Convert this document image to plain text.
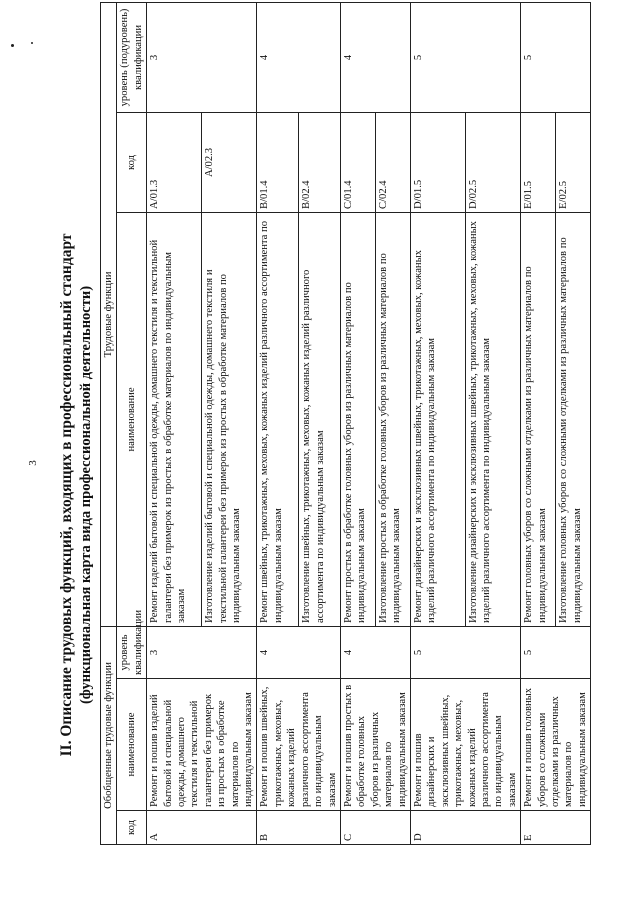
3 II. Описание трудовых функций, входящих в профессиональный стандарт (функциональная карта вида профессиональной деятельности)
Обобщенные трудовые функции			Трудовые функции		
код	наименование	уровень квалификации	наименование	код	уровень (подуровень) квалификации
A	Ремонт и пошив изделий бытовой и специальной одежды, домашнего текстиля и текстильной галантереи без примерок из простых в обработке материалов по индивидуальным заказам	3	Ремонт изделий бытовой и специальной одежды, домашнего текстиля и текстильной галантереи без примерок из простых в обработке материалов по индивидуальным заказам	A/01.3	3
			Изготовление изделий бытовой и специальной одежды, домашнего текстиля и текстильной галантереи без примерок из простых в обработке материалов по индивидуальным заказам	A/02.3	
B	Ремонт и пошив швейных, трикотажных, меховых, кожаных изделий различного ассортимента по индивидуальным заказам	4	Ремонт швейных, трикотажных, меховых, кожаных изделий различного ассортимента по индивидуальным заказам	B/01.4	4
			Изготовление швейных, трикотажных, меховых, кожаных изделий различного ассортимента по индивидуальным заказам	B/02.4	
C	Ремонт и пошив простых в обработке головных уборов из различных материалов по индивидуальным заказам	4	Ремонт простых в обработке головных уборов из различных материалов по индивидуальным заказам	C/01.4	4
			Изготовление простых в обработке головных уборов из различных материалов по индивидуальным заказам	C/02.4	
D	Ремонт и пошив дизайнерских и эксклюзивных швейных, трикотажных, меховых, кожаных изделий различного ассортимента по индивидуальным заказам	5	Ремонт дизайнерских и эксклюзивных швейных, трикотажных, меховых, кожаных изделий различного ассортимента по индивидуальным заказам	D/01.5	5
			Изготовление дизайнерских и эксклюзивных швейных, трикотажных, меховых, кожаных изделий различного ассортимента по индивидуальным заказам	D/02.5	
E	Ремонт и пошив головных уборов со сложными отделками из различных материалов по индивидуальным заказам	5	Ремонт головных уборов со сложными отделками из различных материалов по индивидуальным заказам	E/01.5	5
			Изготовление головных уборов со сложными отделками из различных материалов по индивидуальным заказам	E/02.5	
